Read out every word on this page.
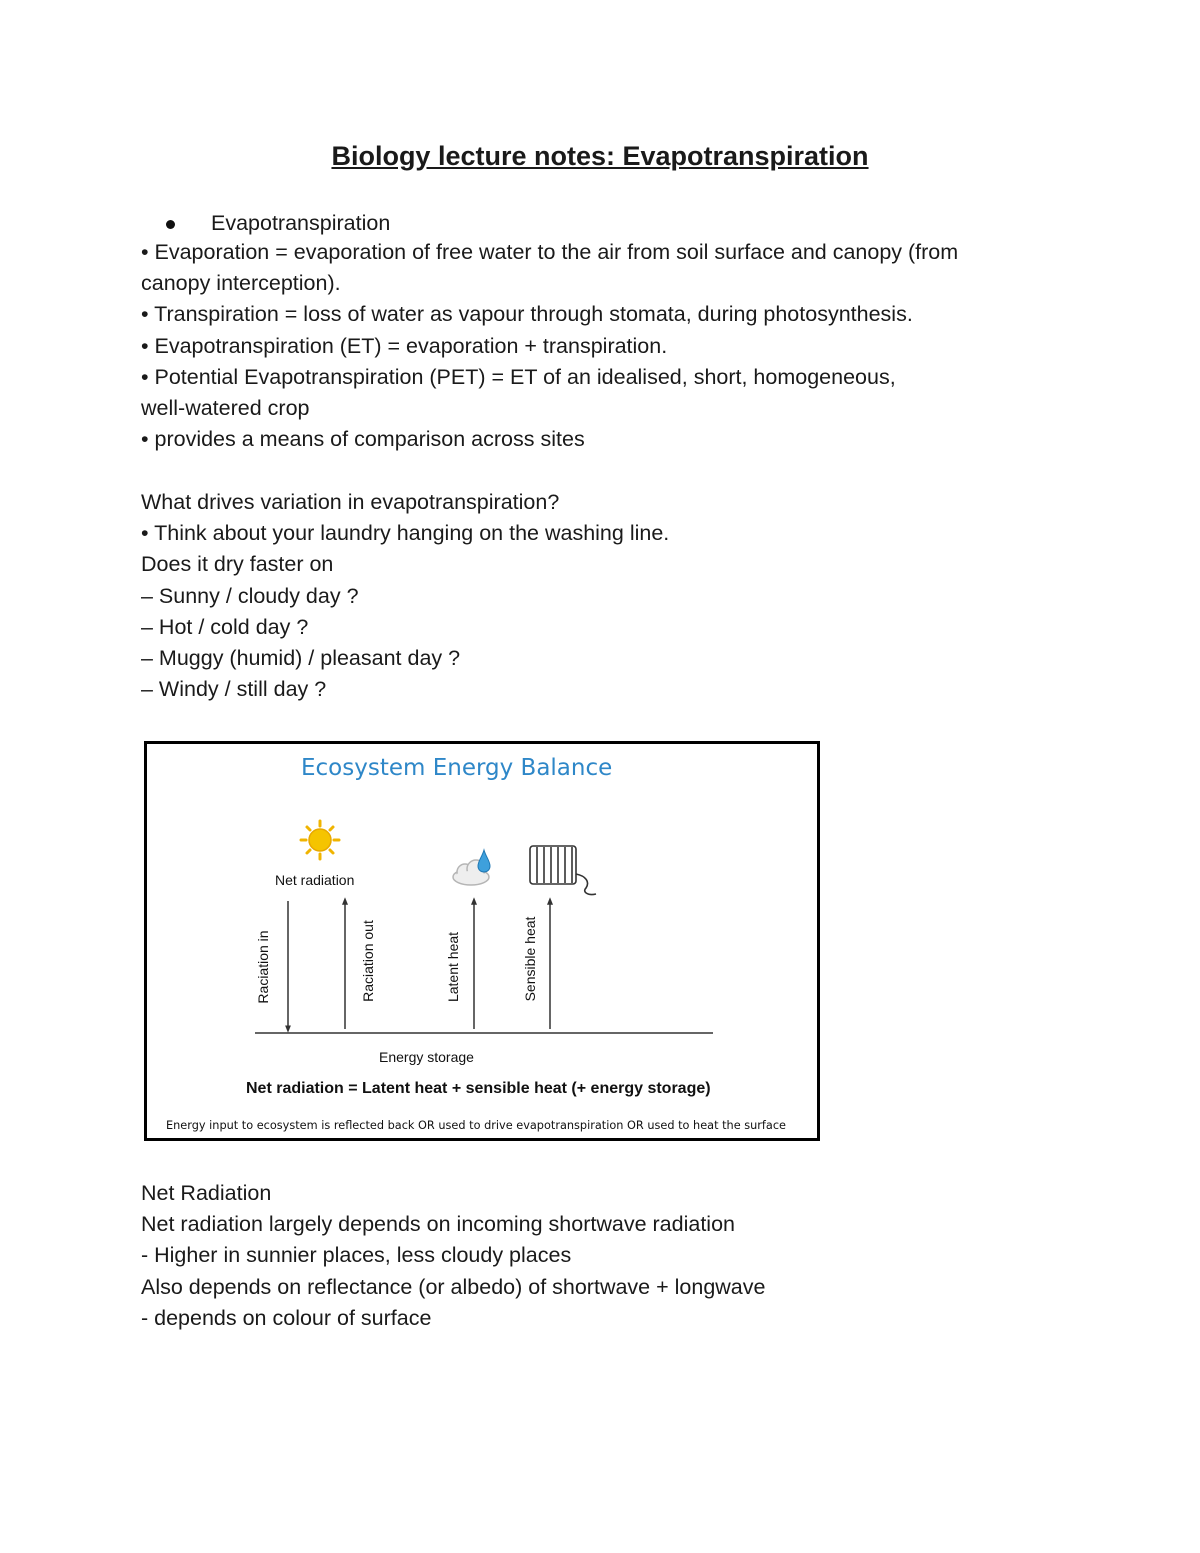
Biology lecture notes: Evapotranspiration
Evapotranspiration
• Evaporation = evaporation of free water to the air from soil surface and canopy (from
canopy interception).
• Transpiration = loss of water as vapour through stomata, during photosynthesis.
• Evapotranspiration (ET) = evaporation + transpiration.
• Potential Evapotranspiration (PET) = ET of an idealised, short, homogeneous,
well-watered crop
• provides a means of comparison across sites
What drives variation in evapotranspiration?
• Think about your laundry hanging on the washing line.
Does it dry faster on
– Sunny / cloudy day ?
– Hot / cold day ?
– Muggy (humid) / pleasant day ?
– Windy / still day ?
Ecosystem Energy Balance
Net radiation
Raciation in	Raciation out	Latent heat	Sensible heat
Energy storage
Net radiation = Latent heat + sensible heat (+ energy storage)
Energy input to ecosystem is reflected back OR used to drive evapotranspiration OR used to heat the surface
Net Radiation
Net radiation largely depends on incoming shortwave radiation
- Higher in sunnier places, less cloudy places
Also depends on reflectance (or albedo) of shortwave + longwave
- depends on colour of surface
